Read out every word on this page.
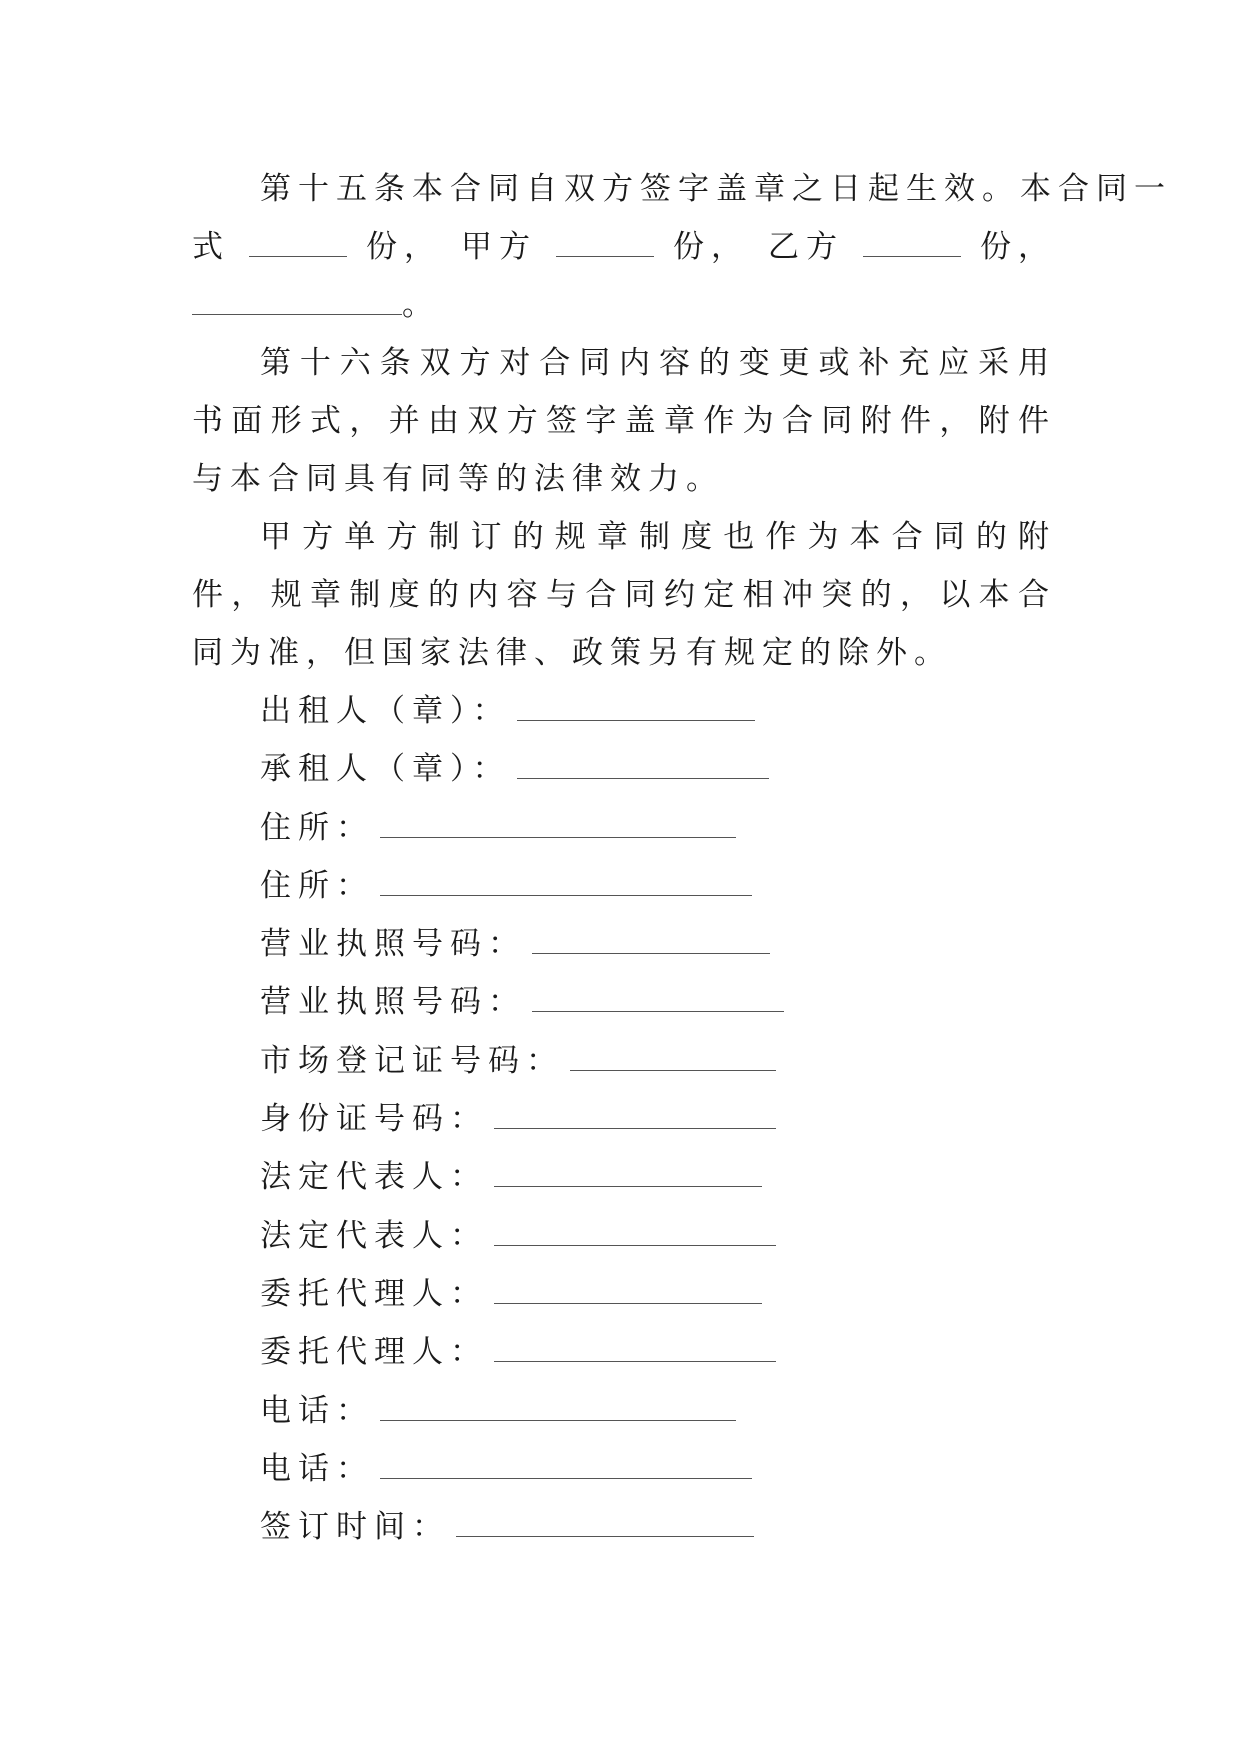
第十五条本合同自双方签字盖章之日起生效。本合同一
式	份， 甲方	份， 乙方	份，
。

第十六条双方对合同内容的变更或补充应采用书面形式，并由双方签字盖章作为合同附件，附件与本合同具有同等的法律效力。

甲方单方制订的规章制度也作为本合同的附件，规章制度的内容与合同约定相冲突的，以本合同为准，但国家法律、政策另有规定的除外。

出租人（章）：
承租人（章）：
住所：
住所：
营业执照号码：
营业执照号码：
市场登记证号码：
身份证号码：
法定代表人：
法定代表人：
委托代理人：
委托代理人：
电话：
电话：
签订时间：
